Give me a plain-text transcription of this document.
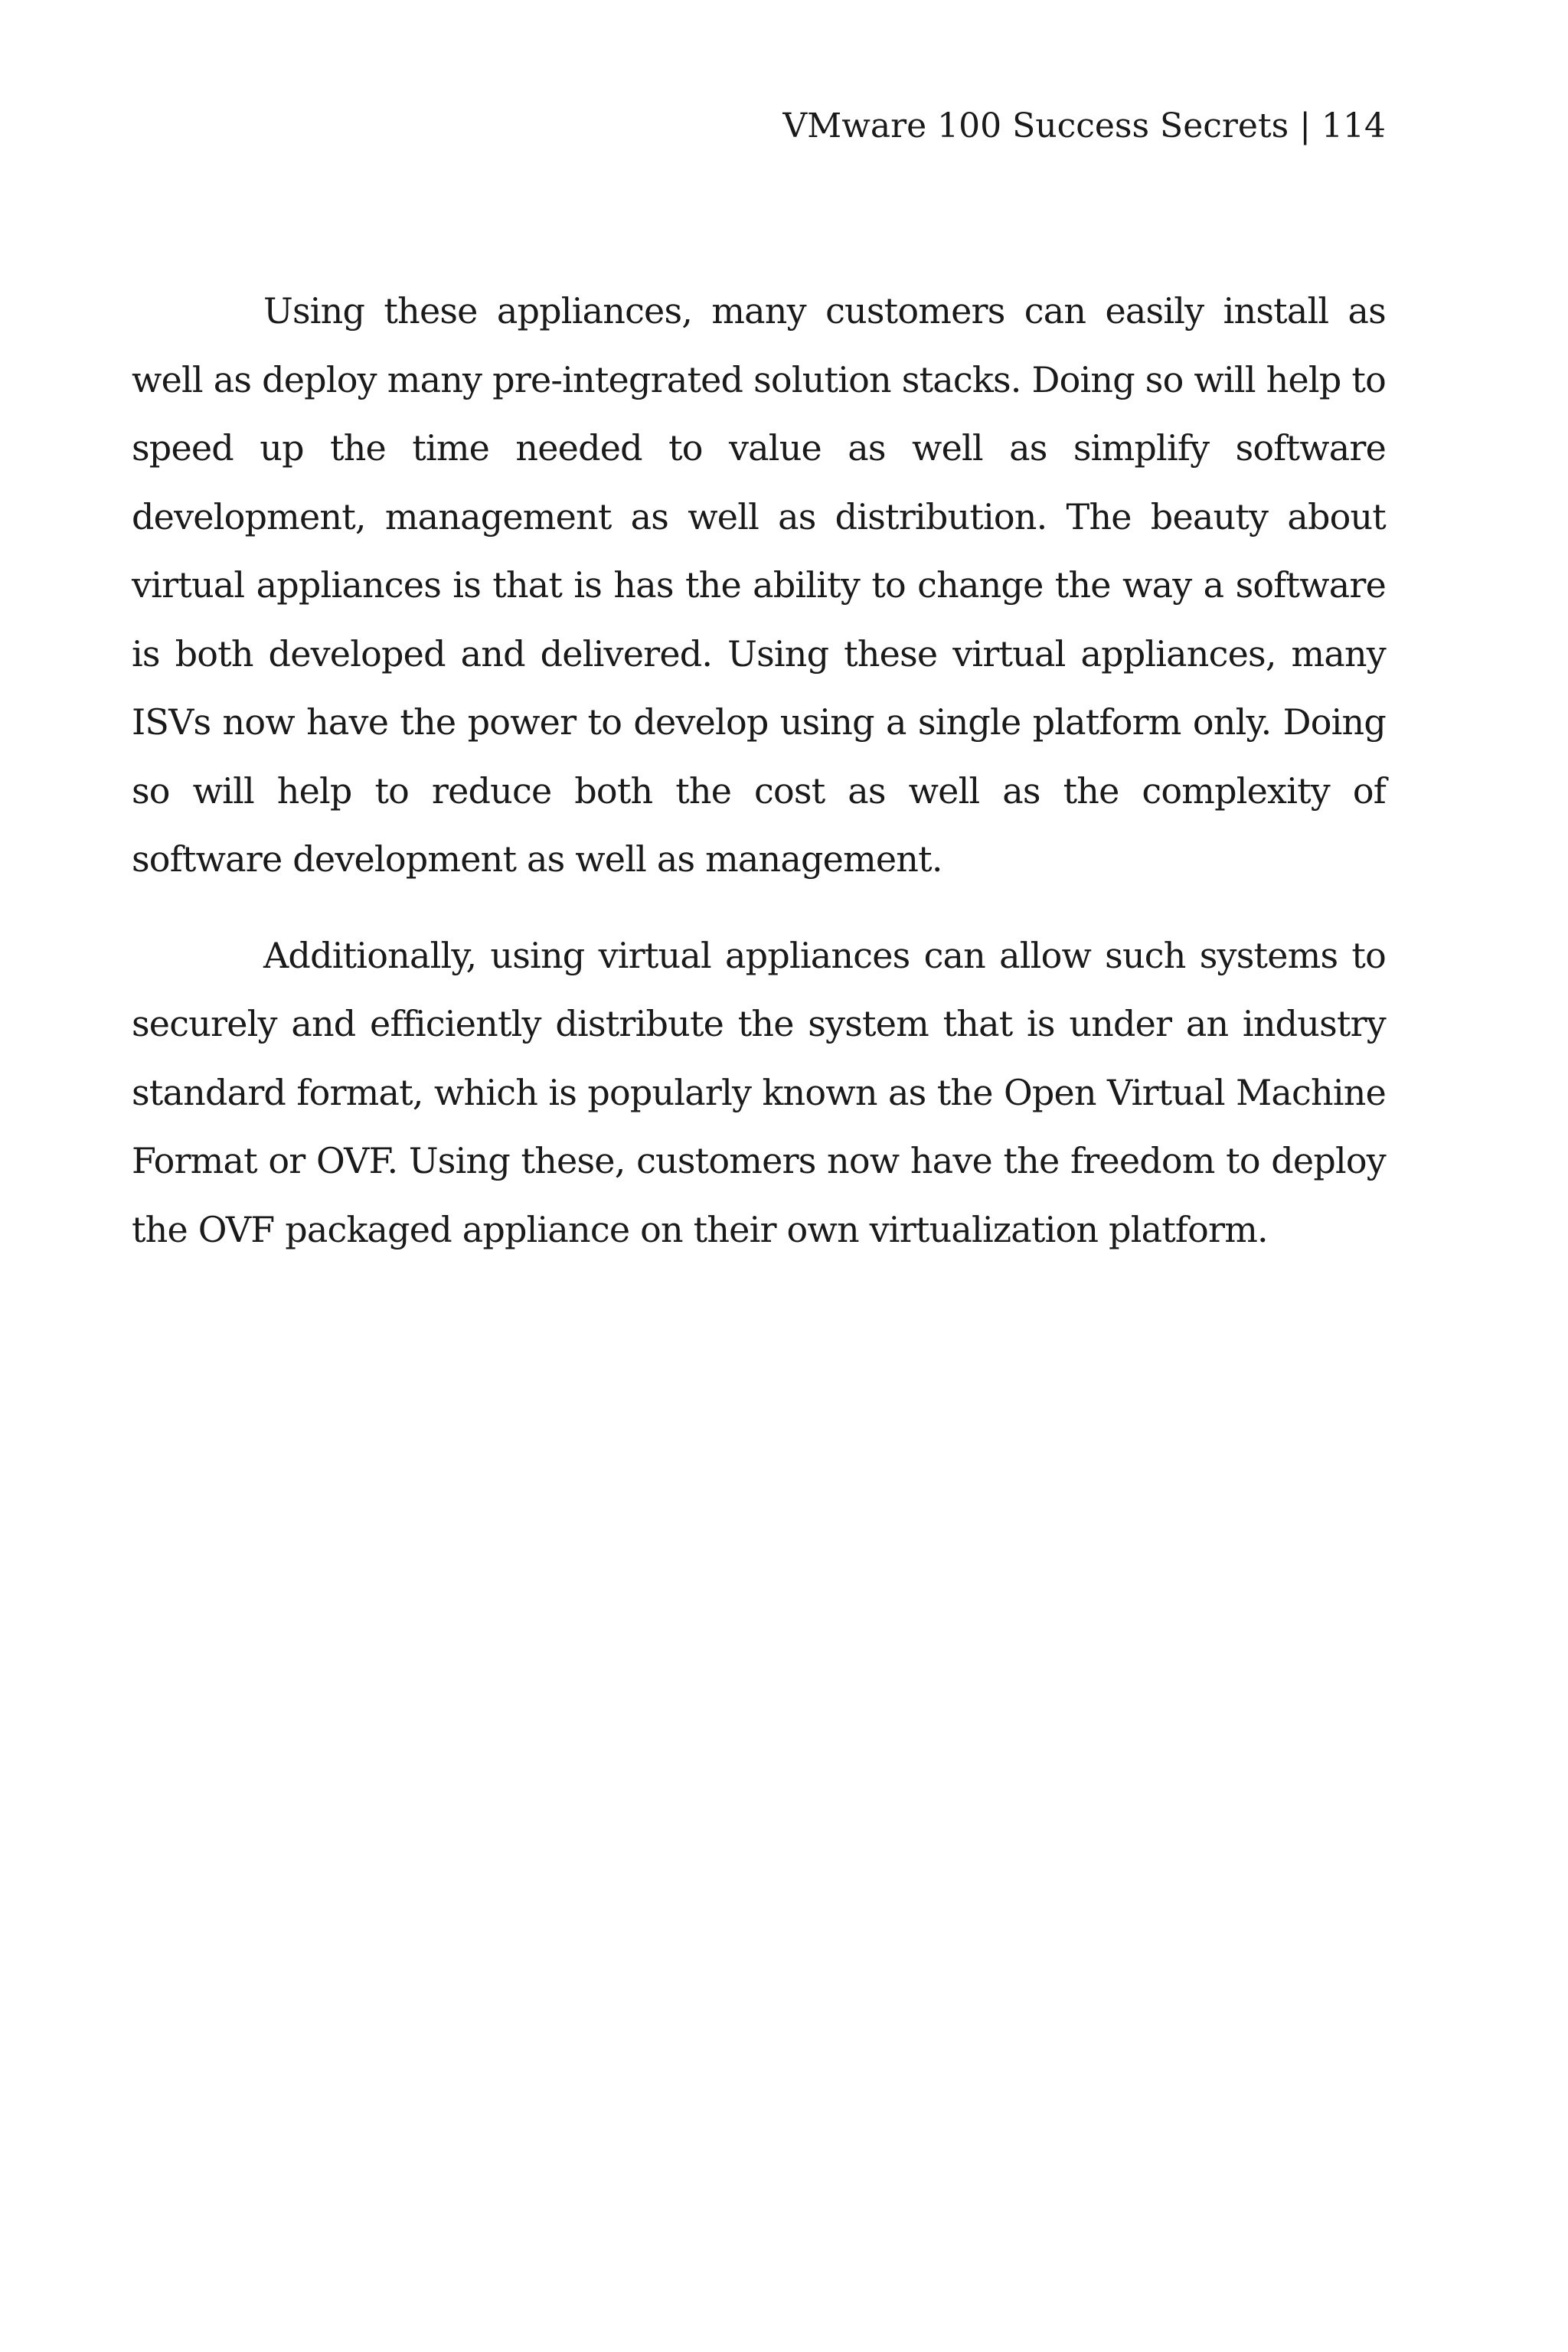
VMware 100 Success Secrets | 114

Using these appliances, many customers can easily install as well as deploy many pre-integrated solution stacks. Doing so will help to speed up the time needed to value as well as simplify software development, management as well as distribution. The beauty about virtual appliances is that is has the ability to change the way a software is both developed and delivered. Using these virtual appliances, many ISVs now have the power to develop using a single platform only. Doing so will help to reduce both the cost as well as the complexity of software development as well as management.

Additionally, using virtual appliances can allow such systems to securely and efficiently distribute the system that is under an industry standard format, which is popularly known as the Open Virtual Machine Format or OVF. Using these, customers now have the freedom to deploy the OVF packaged appliance on their own virtualization platform.
